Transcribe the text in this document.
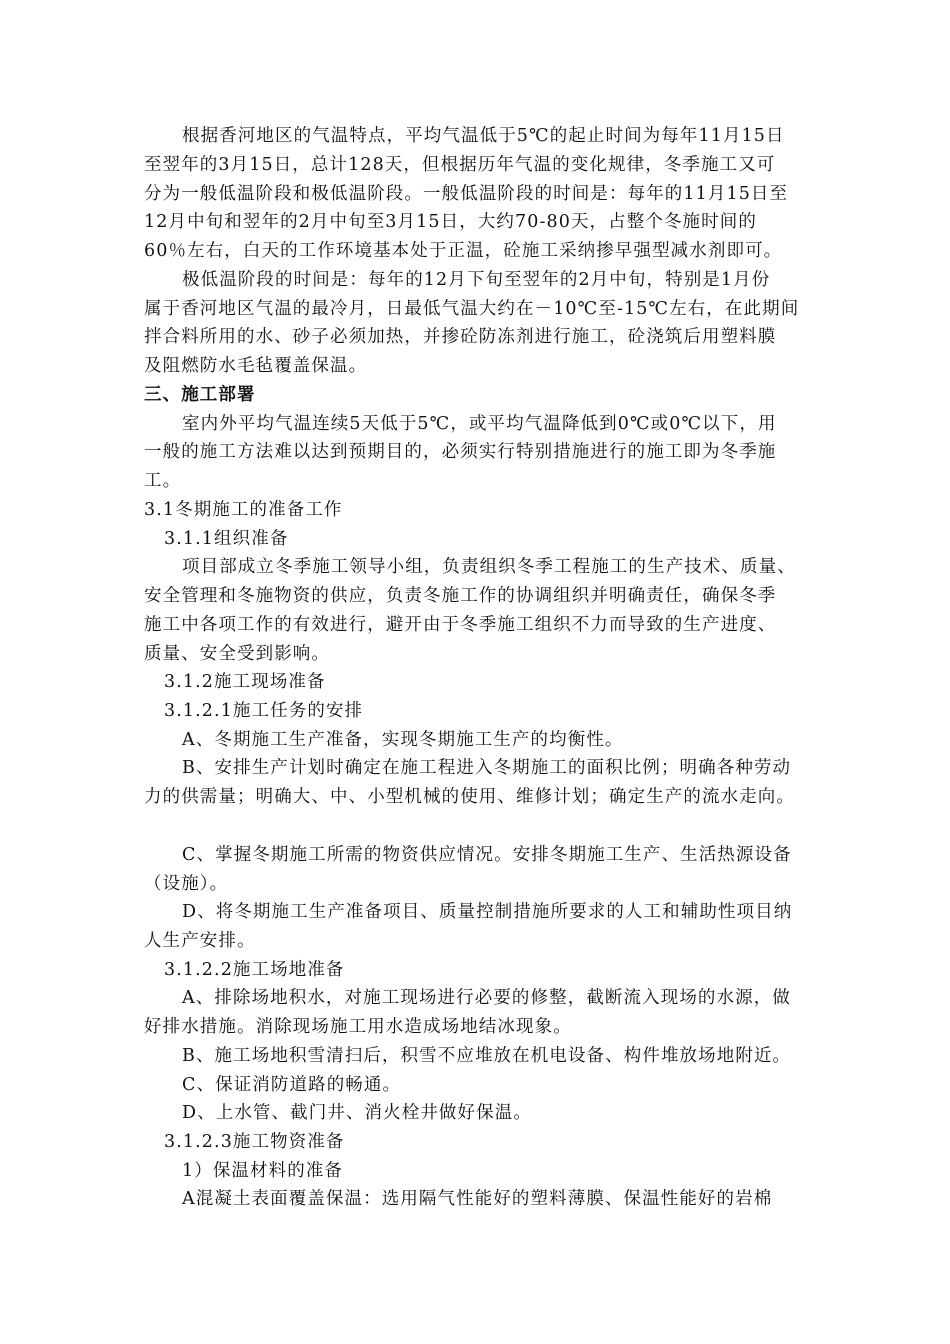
根据香河地区的气温特点，平均气温低于5℃的起止时间为每年11月15日
至翌年的3月15日，总计128天，但根据历年气温的变化规律，冬季施工又可
分为一般低温阶段和极低温阶段。一般低温阶段的时间是：每年的11月15日至
12月中旬和翌年的2月中旬至3月15日，大约70-80天，占整个冬施时间的
60％左右，白天的工作环境基本处于正温，砼施工采纳掺早强型减水剂即可。
极低温阶段的时间是：每年的12月下旬至翌年的2月中旬，特别是1月份
属于香河地区气温的最冷月，日最低气温大约在－10℃至-15℃左右，在此期间
拌合料所用的水、砂子必须加热，并掺砼防冻剂进行施工，砼浇筑后用塑料膜
及阻燃防水毛毡覆盖保温。
三、施工部署
室内外平均气温连续5天低于5℃，或平均气温降低到0℃或0℃以下，用
一般的施工方法难以达到预期目的，必须实行特别措施进行的施工即为冬季施
工。
3.1冬期施工的准备工作
3.1.1组织准备
项目部成立冬季施工领导小组，负责组织冬季工程施工的生产技术、质量、
安全管理和冬施物资的供应，负责冬施工作的协调组织并明确责任，确保冬季
施工中各项工作的有效进行，避开由于冬季施工组织不力而导致的生产进度、
质量、安全受到影响。
3.1.2施工现场准备
3.1.2.1施工任务的安排
A、冬期施工生产准备，实现冬期施工生产的均衡性。
B、安排生产计划时确定在施工程进入冬期施工的面积比例；明确各种劳动
力的供需量；明确大、中、小型机械的使用、维修计划；确定生产的流水走向。
C、掌握冬期施工所需的物资供应情况。安排冬期施工生产、生活热源设备
（设施）。
D、将冬期施工生产准备项目、质量控制措施所要求的人工和辅助性项目纳
人生产安排。
3.1.2.2施工场地准备
A、排除场地积水，对施工现场进行必要的修整，截断流入现场的水源，做
好排水措施。消除现场施工用水造成场地结冰现象。
B、施工场地积雪清扫后，积雪不应堆放在机电设备、构件堆放场地附近。
C、保证消防道路的畅通。
D、上水管、截门井、消火栓井做好保温。
3.1.2.3施工物资准备
1）保温材料的准备
A混凝土表面覆盖保温：选用隔气性能好的塑料薄膜、保温性能好的岩棉
